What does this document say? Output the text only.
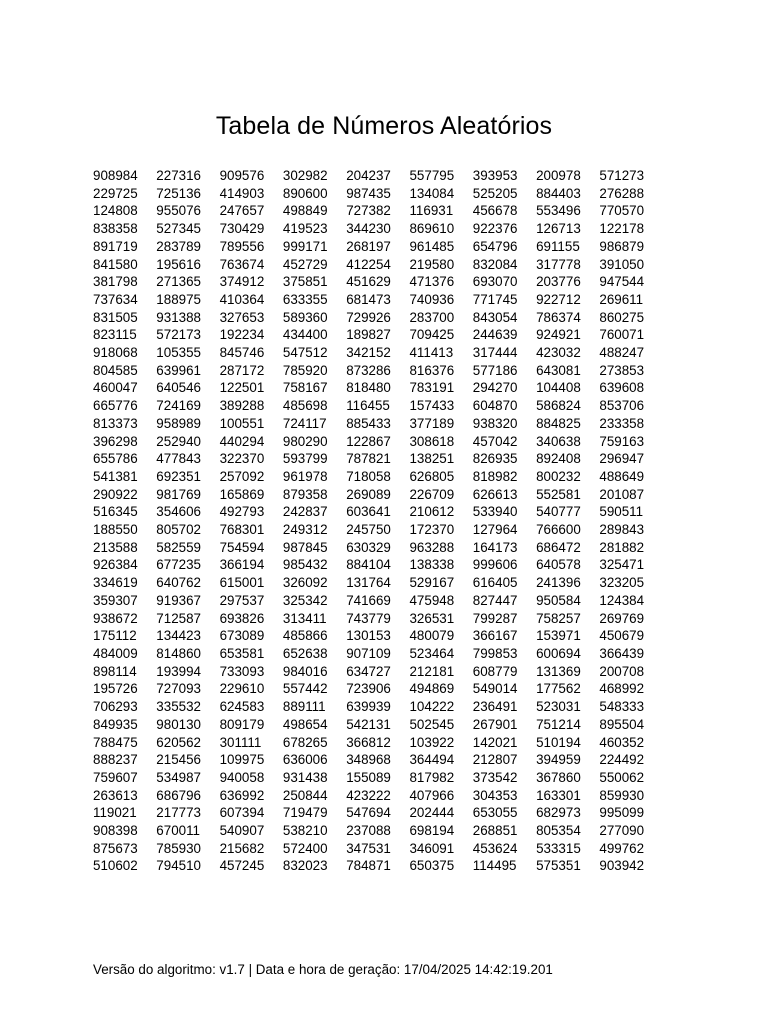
Tabela de Números Aleatórios
908984	227316	909576	302982	204237	557795	393953	200978	571273
229725	725136	414903	890600	987435	134084	525205	884403	276288
124808	955076	247657	498849	727382	116931	456678	553496	770570
838358	527345	730429	419523	344230	869610	922376	126713	122178
891719	283789	789556	999171	268197	961485	654796	691155	986879
841580	195616	763674	452729	412254	219580	832084	317778	391050
381798	271365	374912	375851	451629	471376	693070	203776	947544
737634	188975	410364	633355	681473	740936	771745	922712	269611
831505	931388	327653	589360	729926	283700	843054	786374	860275
823115	572173	192234	434400	189827	709425	244639	924921	760071
918068	105355	845746	547512	342152	411413	317444	423032	488247
804585	639961	287172	785920	873286	816376	577186	643081	273853
460047	640546	122501	758167	818480	783191	294270	104408	639608
665776	724169	389288	485698	116455	157433	604870	586824	853706
813373	958989	100551	724117	885433	377189	938320	884825	233358
396298	252940	440294	980290	122867	308618	457042	340638	759163
655786	477843	322370	593799	787821	138251	826935	892408	296947
541381	692351	257092	961978	718058	626805	818982	800232	488649
290922	981769	165869	879358	269089	226709	626613	552581	201087
516345	354606	492793	242837	603641	210612	533940	540777	590511
188550	805702	768301	249312	245750	172370	127964	766600	289843
213588	582559	754594	987845	630329	963288	164173	686472	281882
926384	677235	366194	985432	884104	138338	999606	640578	325471
334619	640762	615001	326092	131764	529167	616405	241396	323205
359307	919367	297537	325342	741669	475948	827447	950584	124384
938672	712587	693826	313411	743779	326531	799287	758257	269769
175112	134423	673089	485866	130153	480079	366167	153971	450679
484009	814860	653581	652638	907109	523464	799853	600694	366439
898114	193994	733093	984016	634727	212181	608779	131369	200708
195726	727093	229610	557442	723906	494869	549014	177562	468992
706293	335532	624583	889111	639939	104222	236491	523031	548333
849935	980130	809179	498654	542131	502545	267901	751214	895504
788475	620562	301111	678265	366812	103922	142021	510194	460352
888237	215456	109975	636006	348968	364494	212807	394959	224492
759607	534987	940058	931438	155089	817982	373542	367860	550062
263613	686796	636992	250844	423222	407966	304353	163301	859930
119021	217773	607394	719479	547694	202444	653055	682973	995099
908398	670011	540907	538210	237088	698194	268851	805354	277090
875673	785930	215682	572400	347531	346091	453624	533315	499762
510602	794510	457245	832023	784871	650375	114495	575351	903942

Versão do algoritmo: v1.7 | Data e hora de geração: 17/04/2025 14:42:19.201
